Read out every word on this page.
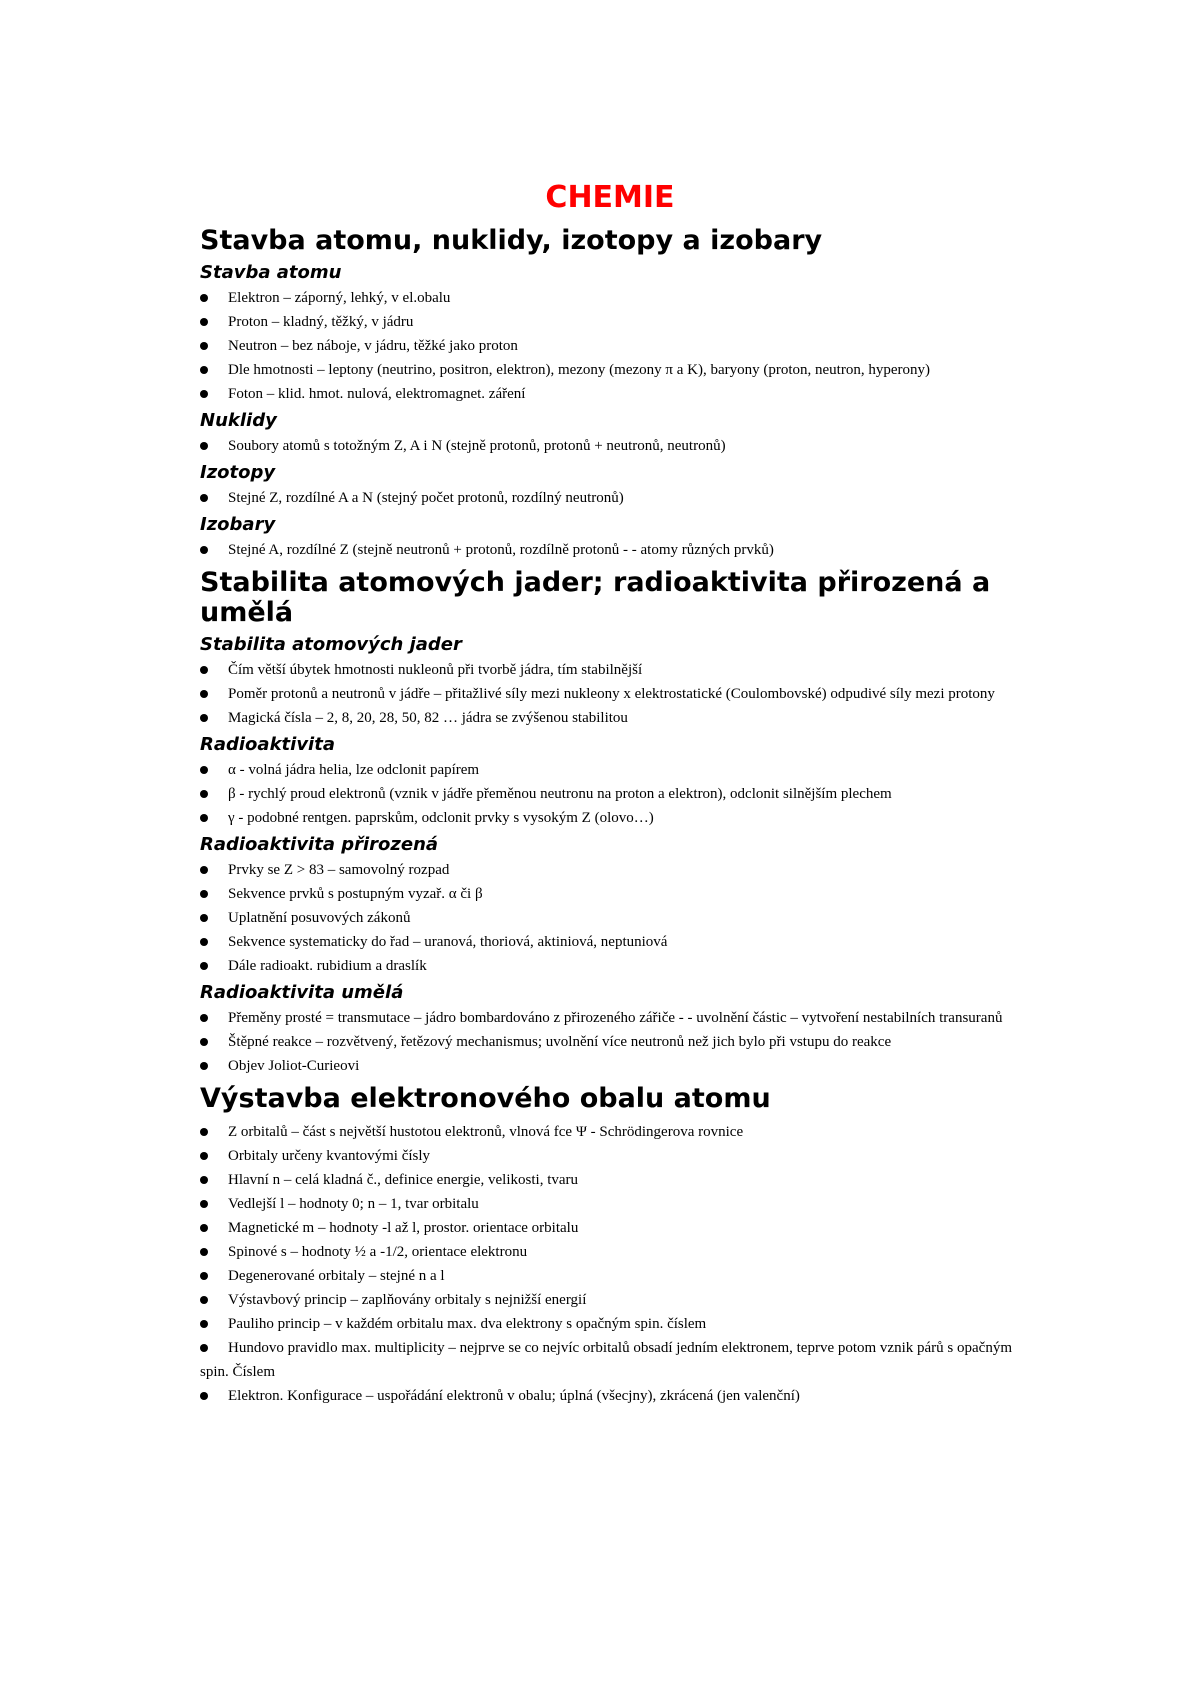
CHEMIE
Stavba atomu, nuklidy, izotopy a izobary
Stavba atomu
Elektron – záporný, lehký, v el.obalu
Proton – kladný, těžký, v jádru
Neutron – bez náboje, v jádru, těžké jako proton
Dle hmotnosti – leptony (neutrino, positron, elektron), mezony (mezony π a K), baryony (proton, neutron, hyperony)
Foton – klid. hmot. nulová, elektromagnet. záření
Nuklidy
Soubory atomů s totožným Z, A i N (stejně protonů, protonů + neutronů, neutronů)
Izotopy
Stejné Z, rozdílné A a N (stejný počet protonů, rozdílný neutronů)
Izobary
Stejné A, rozdílné Z (stejně neutronů + protonů, rozdílně protonů - - atomy různých prvků)
Stabilita atomových jader; radioaktivita přirozená a umělá
Stabilita atomových jader
Čím větší úbytek hmotnosti nukleonů při tvorbě jádra, tím stabilnější
Poměr protonů a neutronů v jádře – přitažlivé síly mezi nukleony x elektrostatické (Coulombovské) odpudivé síly mezi protony
Magická čísla – 2, 8, 20, 28, 50, 82 … jádra se zvýšenou stabilitou
Radioaktivita
α - volná jádra helia, lze odclonit papírem
β - rychlý proud elektronů (vznik v jádře přeměnou neutronu na proton a elektron), odclonit silnějším plechem
γ - podobné rentgen. paprskům, odclonit prvky s vysokým Z (olovo…)
Radioaktivita přirozená
Prvky se Z > 83 – samovolný rozpad
Sekvence prvků s postupným vyzař. α či β
Uplatnění posuvových zákonů
Sekvence systematicky do řad – uranová, thoriová, aktiniová, neptuniová
Dále radioakt. rubidium a draslík
Radioaktivita umělá
Přeměny prosté = transmutace – jádro bombardováno z přirozeného zářiče - - uvolnění částic – vytvoření nestabilních transuranů
Štěpné reakce – rozvětvený, řetězový mechanismus; uvolnění více neutronů než jich bylo při vstupu do reakce
Objev Joliot-Curieovi
Výstavba elektronového obalu atomu
Z orbitalů – část s největší hustotou elektronů, vlnová fce Ψ - Schrödingerova rovnice
Orbitaly určeny kvantovými čísly
Hlavní n – celá kladná č., definice energie, velikosti, tvaru
Vedlejší l – hodnoty 0; n – 1, tvar orbitalu
Magnetické m – hodnoty -l až l, prostor. orientace orbitalu
Spinové s – hodnoty ½ a -1/2, orientace elektronu
Degenerované orbitaly – stejné n a l
Výstavbový princip – zaplňovány orbitaly s nejnižší energií
Pauliho princip – v každém orbitalu max. dva elektrony s opačným spin. číslem
Hundovo pravidlo max. multiplicity – nejprve se co nejvíc orbitalů obsadí jedním elektronem, teprve potom vznik párů s opačným spin. Číslem
Elektron. Konfigurace – uspořádání elektronů v obalu; úplná (všecjny), zkrácená (jen valenční)
